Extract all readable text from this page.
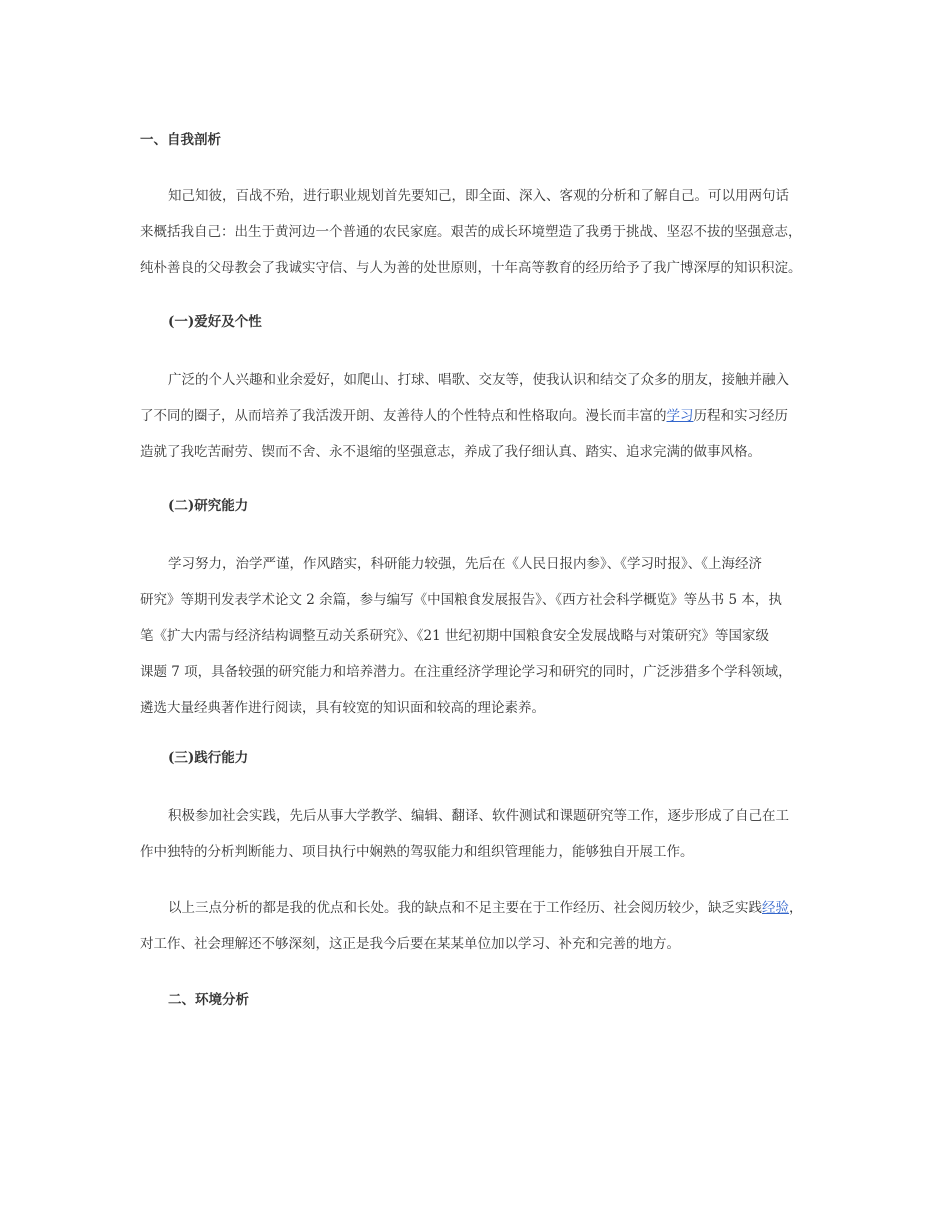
一、自我剖析
知己知彼，百战不殆，进行职业规划首先要知己，即全面、深入、客观的分析和了解自己。可以用两句话
来概括我自己：出生于黄河边一个普通的农民家庭。艰苦的成长环境塑造了我勇于挑战、坚忍不拔的坚强意志，
纯朴善良的父母教会了我诚实守信、与人为善的处世原则，十年高等教育的经历给予了我广博深厚的知识积淀。
(一)爱好及个性
广泛的个人兴趣和业余爱好，如爬山、打球、唱歌、交友等，使我认识和结交了众多的朋友，接触并融入
了不同的圈子，从而培养了我活泼开朗、友善待人的个性特点和性格取向。漫长而丰富的学习历程和实习经历
造就了我吃苦耐劳、锲而不舍、永不退缩的坚强意志，养成了我仔细认真、踏实、追求完满的做事风格。
(二)研究能力
学习努力，治学严谨，作风踏实，科研能力较强，先后在《人民日报内参》、《学习时报》、《上海经济
研究》等期刊发表学术论文 2 余篇，参与编写《中国粮食发展报告》、《西方社会科学概览》等丛书 5 本，执
笔《扩大内需与经济结构调整互动关系研究》、《21 世纪初期中国粮食安全发展战略与对策研究》等国家级
课题 7 项，具备较强的研究能力和培养潜力。在注重经济学理论学习和研究的同时，广泛涉猎多个学科领域，
遴选大量经典著作进行阅读，具有较宽的知识面和较高的理论素养。
(三)践行能力
积极参加社会实践，先后从事大学教学、编辑、翻译、软件测试和课题研究等工作，逐步形成了自己在工
作中独特的分析判断能力、项目执行中娴熟的驾驭能力和组织管理能力，能够独自开展工作。
以上三点分析的都是我的优点和长处。我的缺点和不足主要在于工作经历、社会阅历较少，缺乏实践经验，
对工作、社会理解还不够深刻，这正是我今后要在某某单位加以学习、补充和完善的地方。
二、环境分析
